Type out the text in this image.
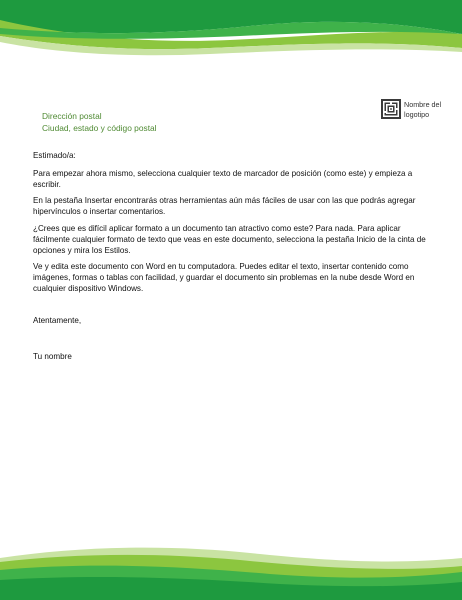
Dirección postal
Ciudad, estado y código postal
Nombre del logotipo

Estimado/a:

Para empezar ahora mismo, selecciona cualquier texto de marcador de posición (como este) y empieza a escribir.

En la pestaña Insertar encontrarás otras herramientas aún más fáciles de usar con las que podrás agregar hipervínculos o insertar comentarios.

¿Crees que es difícil aplicar formato a un documento tan atractivo como este? Para nada. Para aplicar fácilmente cualquier formato de texto que veas en este documento, selecciona la pestaña Inicio de la cinta de opciones y mira los Estilos.

Ve y edita este documento con Word en tu computadora. Puedes editar el texto, insertar contenido como imágenes, formas o tablas con facilidad, y guardar el documento sin problemas en la nube desde Word en cualquier dispositivo Windows.

Atentamente,
Tu nombre
